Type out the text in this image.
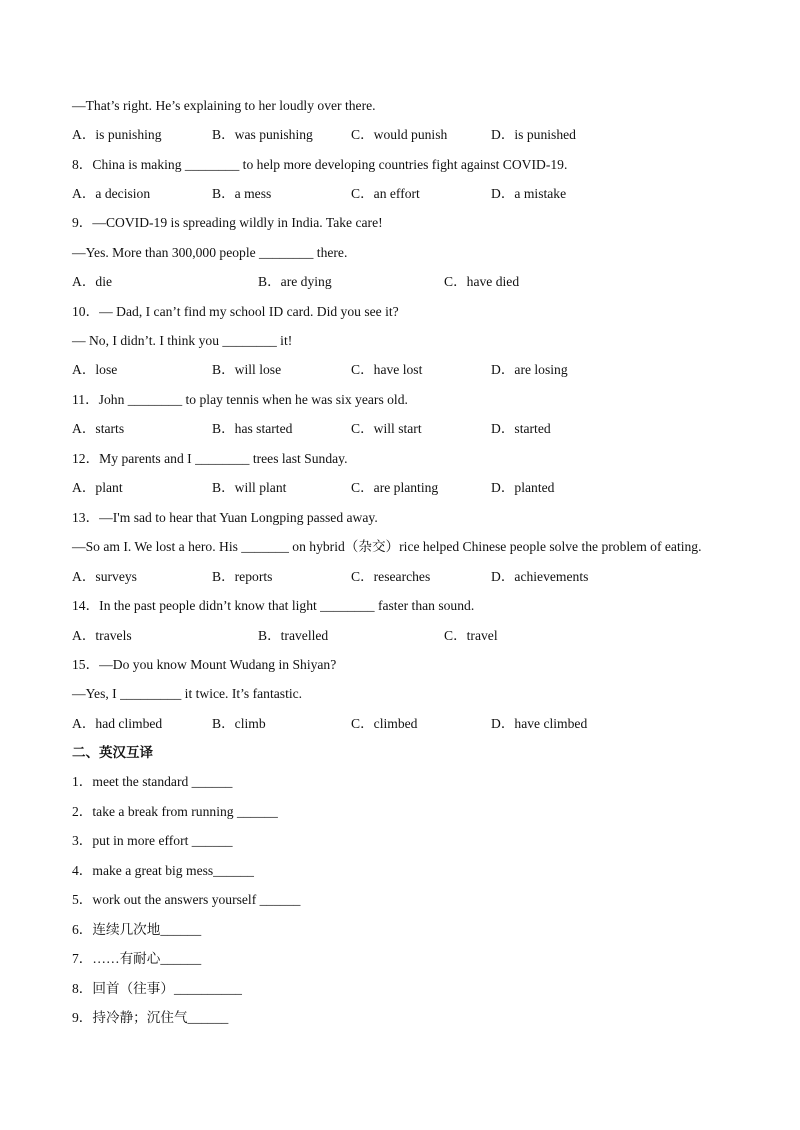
—That’s right. He’s explaining to her loudly over there.
A．is punishing	B．was punishing	C．would punish	D．is punished
8．China is making ________ to help more developing countries fight against COVID-19.
A．a decision	B．a mess	C．an effort	D．a mistake
9．—COVID-19 is spreading wildly in India. Take care!
—Yes. More than 300,000 people ________ there.
A．die	B．are dying	C．have died
10．— Dad, I can’t find my school ID card. Did you see it?
— No, I didn’t. I think you ________ it!
A．lose	B．will lose	C．have lost	D．are losing
11．John ________ to play tennis when he was six years old.
A．starts	B．has started	C．will start	D．started
12．My parents and I ________ trees last Sunday.
A．plant	B．will plant	C．are planting	D．planted
13．—I'm sad to hear that Yuan Longping passed away.
—So am I. We lost a hero. His _______ on hybrid（杂交）rice helped Chinese people solve the problem of eating.
A．surveys	B．reports	C．researches	D．achievements
14．In the past people didn’t know that light ________ faster than sound.
A．travels	B．travelled	C．travel
15．—Do you know Mount Wudang in Shiyan?
—Yes, I _________ it twice. It’s fantastic.
A．had climbed	B．climb	C．climbed	D．have climbed
二、英汉互译
1．meet the standard ______
2．take a break from running ______
3．put in more effort ______
4．make a great big mess______
5．work out the answers yourself ______
6．连续几次地______
7．……有耐心______
8．回首（往事）__________
9．持冷静；沉住气______
